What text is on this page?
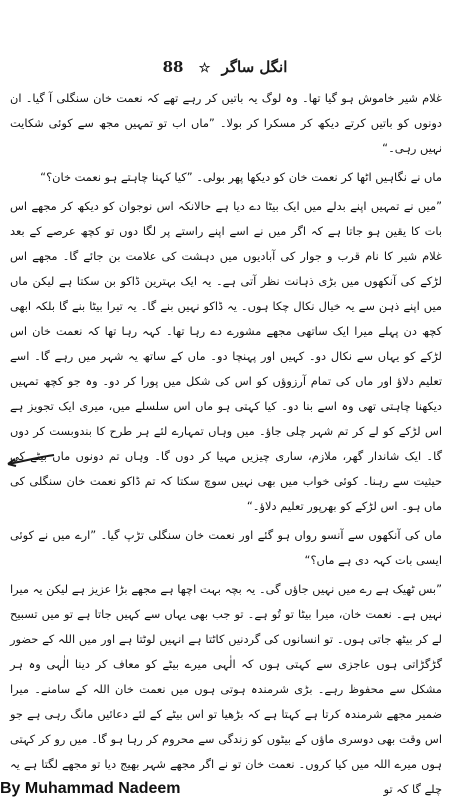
انگل ساگر ☆ 88

غلام شیر خاموش ہو گیا تھا۔ وہ لوگ یہ باتیں کر رہے تھے کہ نعمت خان سنگلی آ گیا۔ ان دونوں کو باتیں کرتے دیکھ کر مسکرا کر بولا۔ ”ماں اب تو تمہیں مجھ سے کوئی شکایت نہیں رہی۔“

ماں نے نگاہیں اٹھا کر نعمت خان کو دیکھا پھر بولی۔ ”کیا کہنا چاہتے ہو نعمت خان؟“

”میں نے تمہیں اپنے بدلے میں ایک بیٹا دے دیا ہے حالانکہ اس نوجوان کو دیکھ کر مجھے اس بات کا یقین ہو جاتا ہے کہ اگر میں نے اسے اپنے راستے پر لگا دوں تو کچھ عرصے کے بعد غلام شیر کا نام قرب و جوار کی آبادیوں میں دہشت کی علامت بن جائے گا۔ مجھے اس لڑکے کی آنکھوں میں بڑی ذہانت نظر آتی ہے۔ یہ ایک بہترین ڈاکو بن سکتا ہے لیکن ماں میں اپنے ذہن سے یہ خیال نکال چکا ہوں۔ یہ ڈاکو نہیں بنے گا۔ یہ تیرا بیٹا بنے گا بلکہ ابھی کچھ دن پہلے میرا ایک ساتھی مجھے مشورے دے رہا تھا۔ کہہ رہا تھا کہ نعمت خان اس لڑکے کو یہاں سے نکال دو۔ کہیں اور پہنچا دو۔ ماں کے ساتھ یہ شہر میں رہے گا۔ اسے تعلیم دلاؤ اور ماں کی تمام آرزوؤں کو اس کی شکل میں پورا کر دو۔ وہ جو کچھ تمہیں دیکھنا چاہتی تھی وہ اسے بنا دو۔ کیا کہتی ہو ماں اس سلسلے میں، میری ایک تجویز ہے اس لڑکے کو لے کر تم شہر چلی جاؤ۔ میں وہاں تمہارے لئے ہر طرح کا بندوبست کر دوں گا۔ ایک شاندار گھر، ملازم، ساری چیزیں مہیا کر دوں گا۔ وہاں تم دونوں ماں بیٹے کی حیثیت سے رہنا۔ کوئی خواب میں بھی نہیں سوچ سکتا کہ تم ڈاکو نعمت خان سنگلی کی ماں ہو۔ اس لڑکے کو بھرپور تعلیم دلاؤ۔“

ماں کی آنکھوں سے آنسو رواں ہو گئے اور نعمت خان سنگلی تڑپ گیا۔ ”ارے میں نے کوئی ایسی بات کہہ دی ہے ماں؟“

”بس ٹھیک ہے رے میں نہیں جاؤں گی۔ یہ بچہ بہت اچھا ہے مجھے بڑا عزیز ہے لیکن یہ میرا نہیں ہے۔ نعمت خان، میرا بیٹا تو تُو ہے۔ تو جب بھی یہاں سے کہیں جاتا ہے تو میں تسبیح لے کر بیٹھ جاتی ہوں۔ تو انسانوں کی گردنیں کاٹتا ہے انہیں لوٹتا ہے اور میں اللہ کے حضور گڑگڑاتی ہوں عاجزی سے کہتی ہوں کہ الٰہی میرے بیٹے کو معاف کر دینا الٰہی وہ ہر مشکل سے محفوظ رہے۔ بڑی شرمندہ ہوتی ہوں میں نعمت خان اللہ کے سامنے۔ میرا ضمیر مجھے شرمندہ کرتا ہے کہتا ہے کہ بڑھیا تو اس بیٹے کے لئے دعائیں مانگ رہی ہے جو اس وقت بھی دوسری ماؤں کے بیٹوں کو زندگی سے محروم کر رہا ہو گا۔ میں رو کر کہتی ہوں میرے اللہ میں کیا کروں۔ نعمت خان تو نے اگر مجھے شہر بھیج دیا تو مجھے لگتا ہے یہ چلے گا کہ تو

By Muhammad Nadeem
